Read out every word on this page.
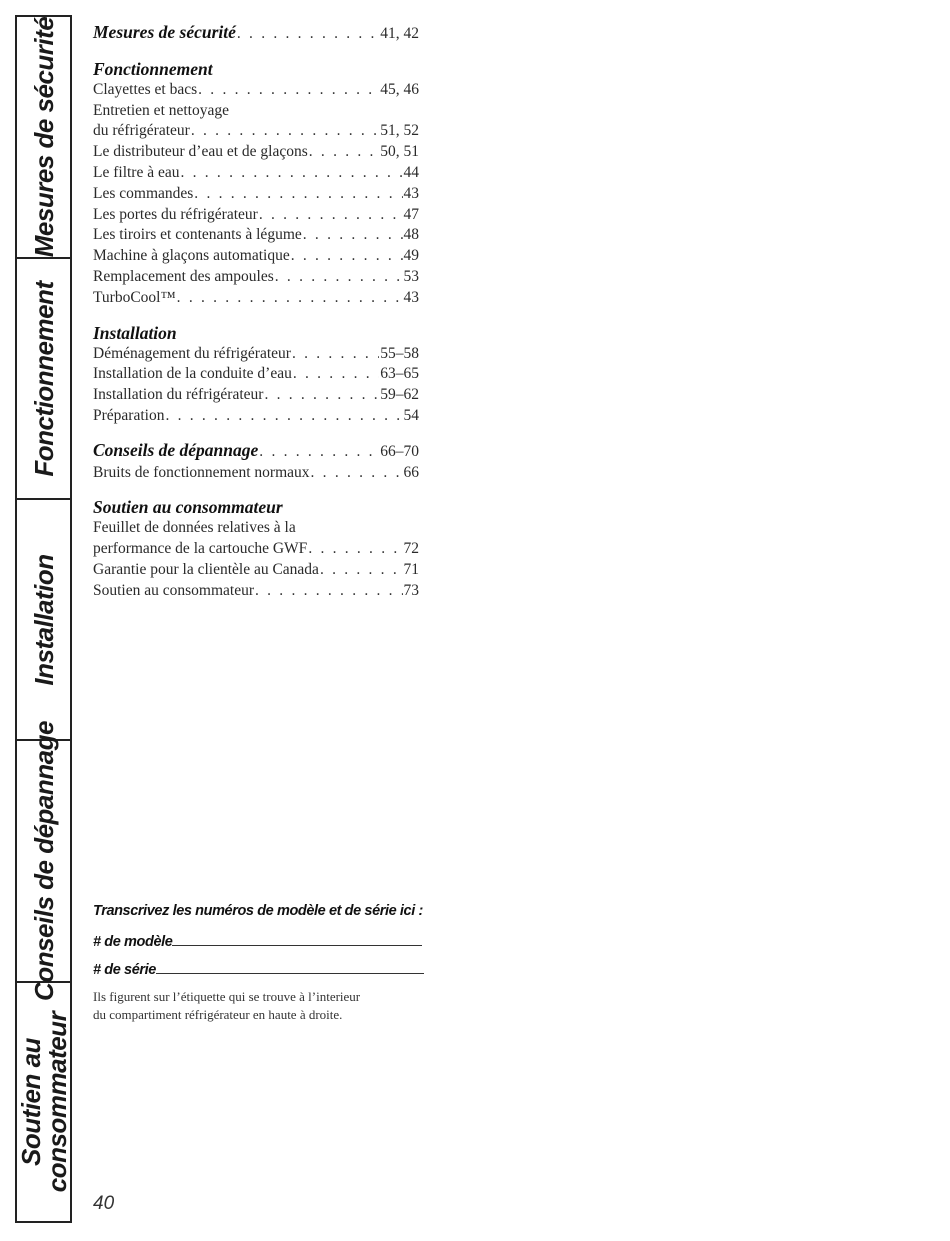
Mesures de sécurité
Fonctionnement
Installation
Conseils de dépannage
Soutien au
consommateur
Mesures de sécurité . . .	41, 42
Fonctionnement
Clayettes et bacs . . .	45, 46
Entretien et nettoyage
du réfrigérateur . . .	51, 52
Le distributeur d’eau et de glaçons . . .	50, 51
Le filtre à eau . . .	44
Les commandes . . .	43
Les portes du réfrigérateur . . .	47
Les tiroirs et contenants à légume . . .	48
Machine à glaçons automatique . . .	49
Remplacement des ampoules . . .	53
TurboCool™ . . .	43
Installation
Déménagement du réfrigérateur . . .	55–58
Installation de la conduite d’eau . . .	63–65
Installation du réfrigérateur . . .	59–62
Préparation . . .	54
Conseils de dépannage . . .	66–70
Bruits de fonctionnement normaux . . .	66
Soutien au consommateur
Feuillet de données relatives à la
performance de la cartouche GWF . . .	72
Garantie pour la clientèle au Canada . . .	71
Soutien au consommateur . . .	73
Transcrivez les numéros de modèle et de série ici :
# de modèle
# de série
Ils figurent sur l’étiquette qui se trouve à l’interieur
du compartiment réfrigérateur en haute à droite.
40
